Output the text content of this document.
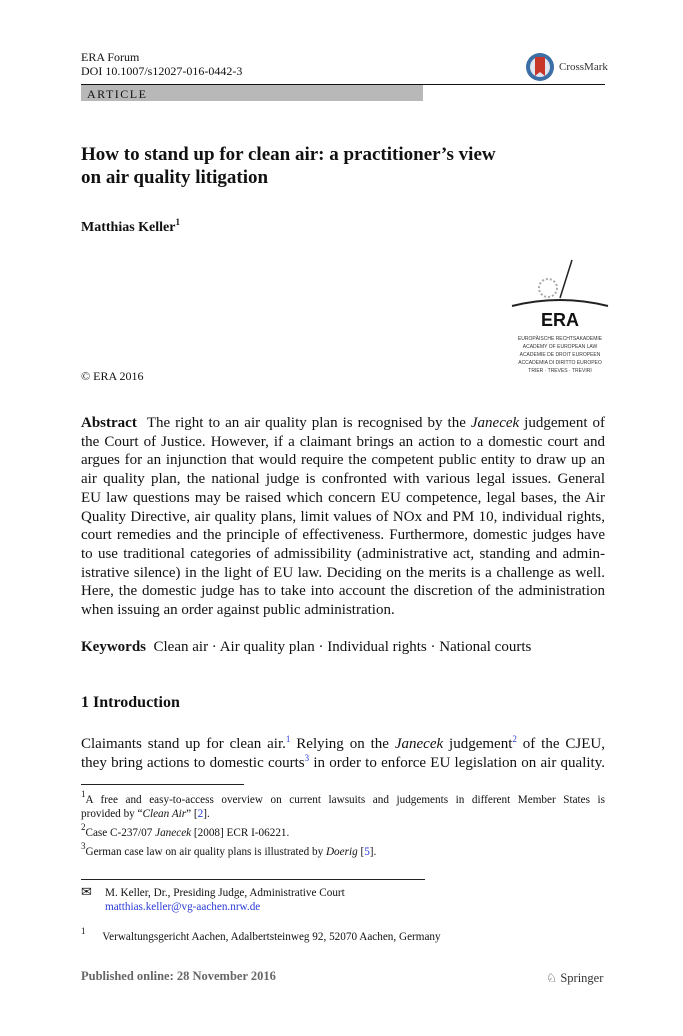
ERA Forum
DOI 10.1007/s12027-016-0442-3	CrossMark
ARTICLE
How to stand up for clean air: a practitioner’s view
on air quality litigation
Matthias Keller$^1$
ERA
EUROPÄISCHE RECHTSAKADEMIE
ACADEMY OF EUROPEAN LAW
ACADEMIE DE DROIT EUROPEEN
ACCADEMIA DI DIRITTO EUROPEO
TRIER · TREVES · TREVIRI
© ERA 2016
Abstract The right to an air quality plan is recognised by the Janecek judgement of
the Court of Justice. However, if a claimant brings an action to a domestic court and
argues for an injunction that would require the competent public entity to draw up an
air quality plan, the national judge is confronted with various legal issues. General
EU law questions may be raised which concern EU competence, legal bases, the Air
Quality Directive, air quality plans, limit values of NOx and PM 10, individual rights,
court remedies and the principle of effectiveness. Furthermore, domestic judges have
to use traditional categories of admissibility (administrative act, standing and admin-
istrative silence) in the light of EU law. Deciding on the merits is a challenge as well.
Here, the domestic judge has to take into account the discretion of the administration
when issuing an order against public administration.
Keywords Clean air · Air quality plan · Individual rights · National courts
1 Introduction
Claimants stand up for clean air.$^1$ Relying on the Janecek judgement$^2$ of the CJEU,
they bring actions to domestic courts$^3$ in order to enforce EU legislation on air quality.
$^1$A free and easy-to-access overview on current lawsuits and judgements in different Member States is
provided by “Clean Air” [2].
$^2$Case C-237/07 Janecek [2008] ECR I-06221.
$^3$German case law on air quality plans is illustrated by Doerig [5].
✉ M. Keller, Dr., Presiding Judge, Administrative Court
matthias.keller@vg-aachen.nrw.de
$^1$ Verwaltungsgericht Aachen, Adalbertsteinweg 92, 52070 Aachen, Germany
Published online: 28 November 2016	♘ Springer
